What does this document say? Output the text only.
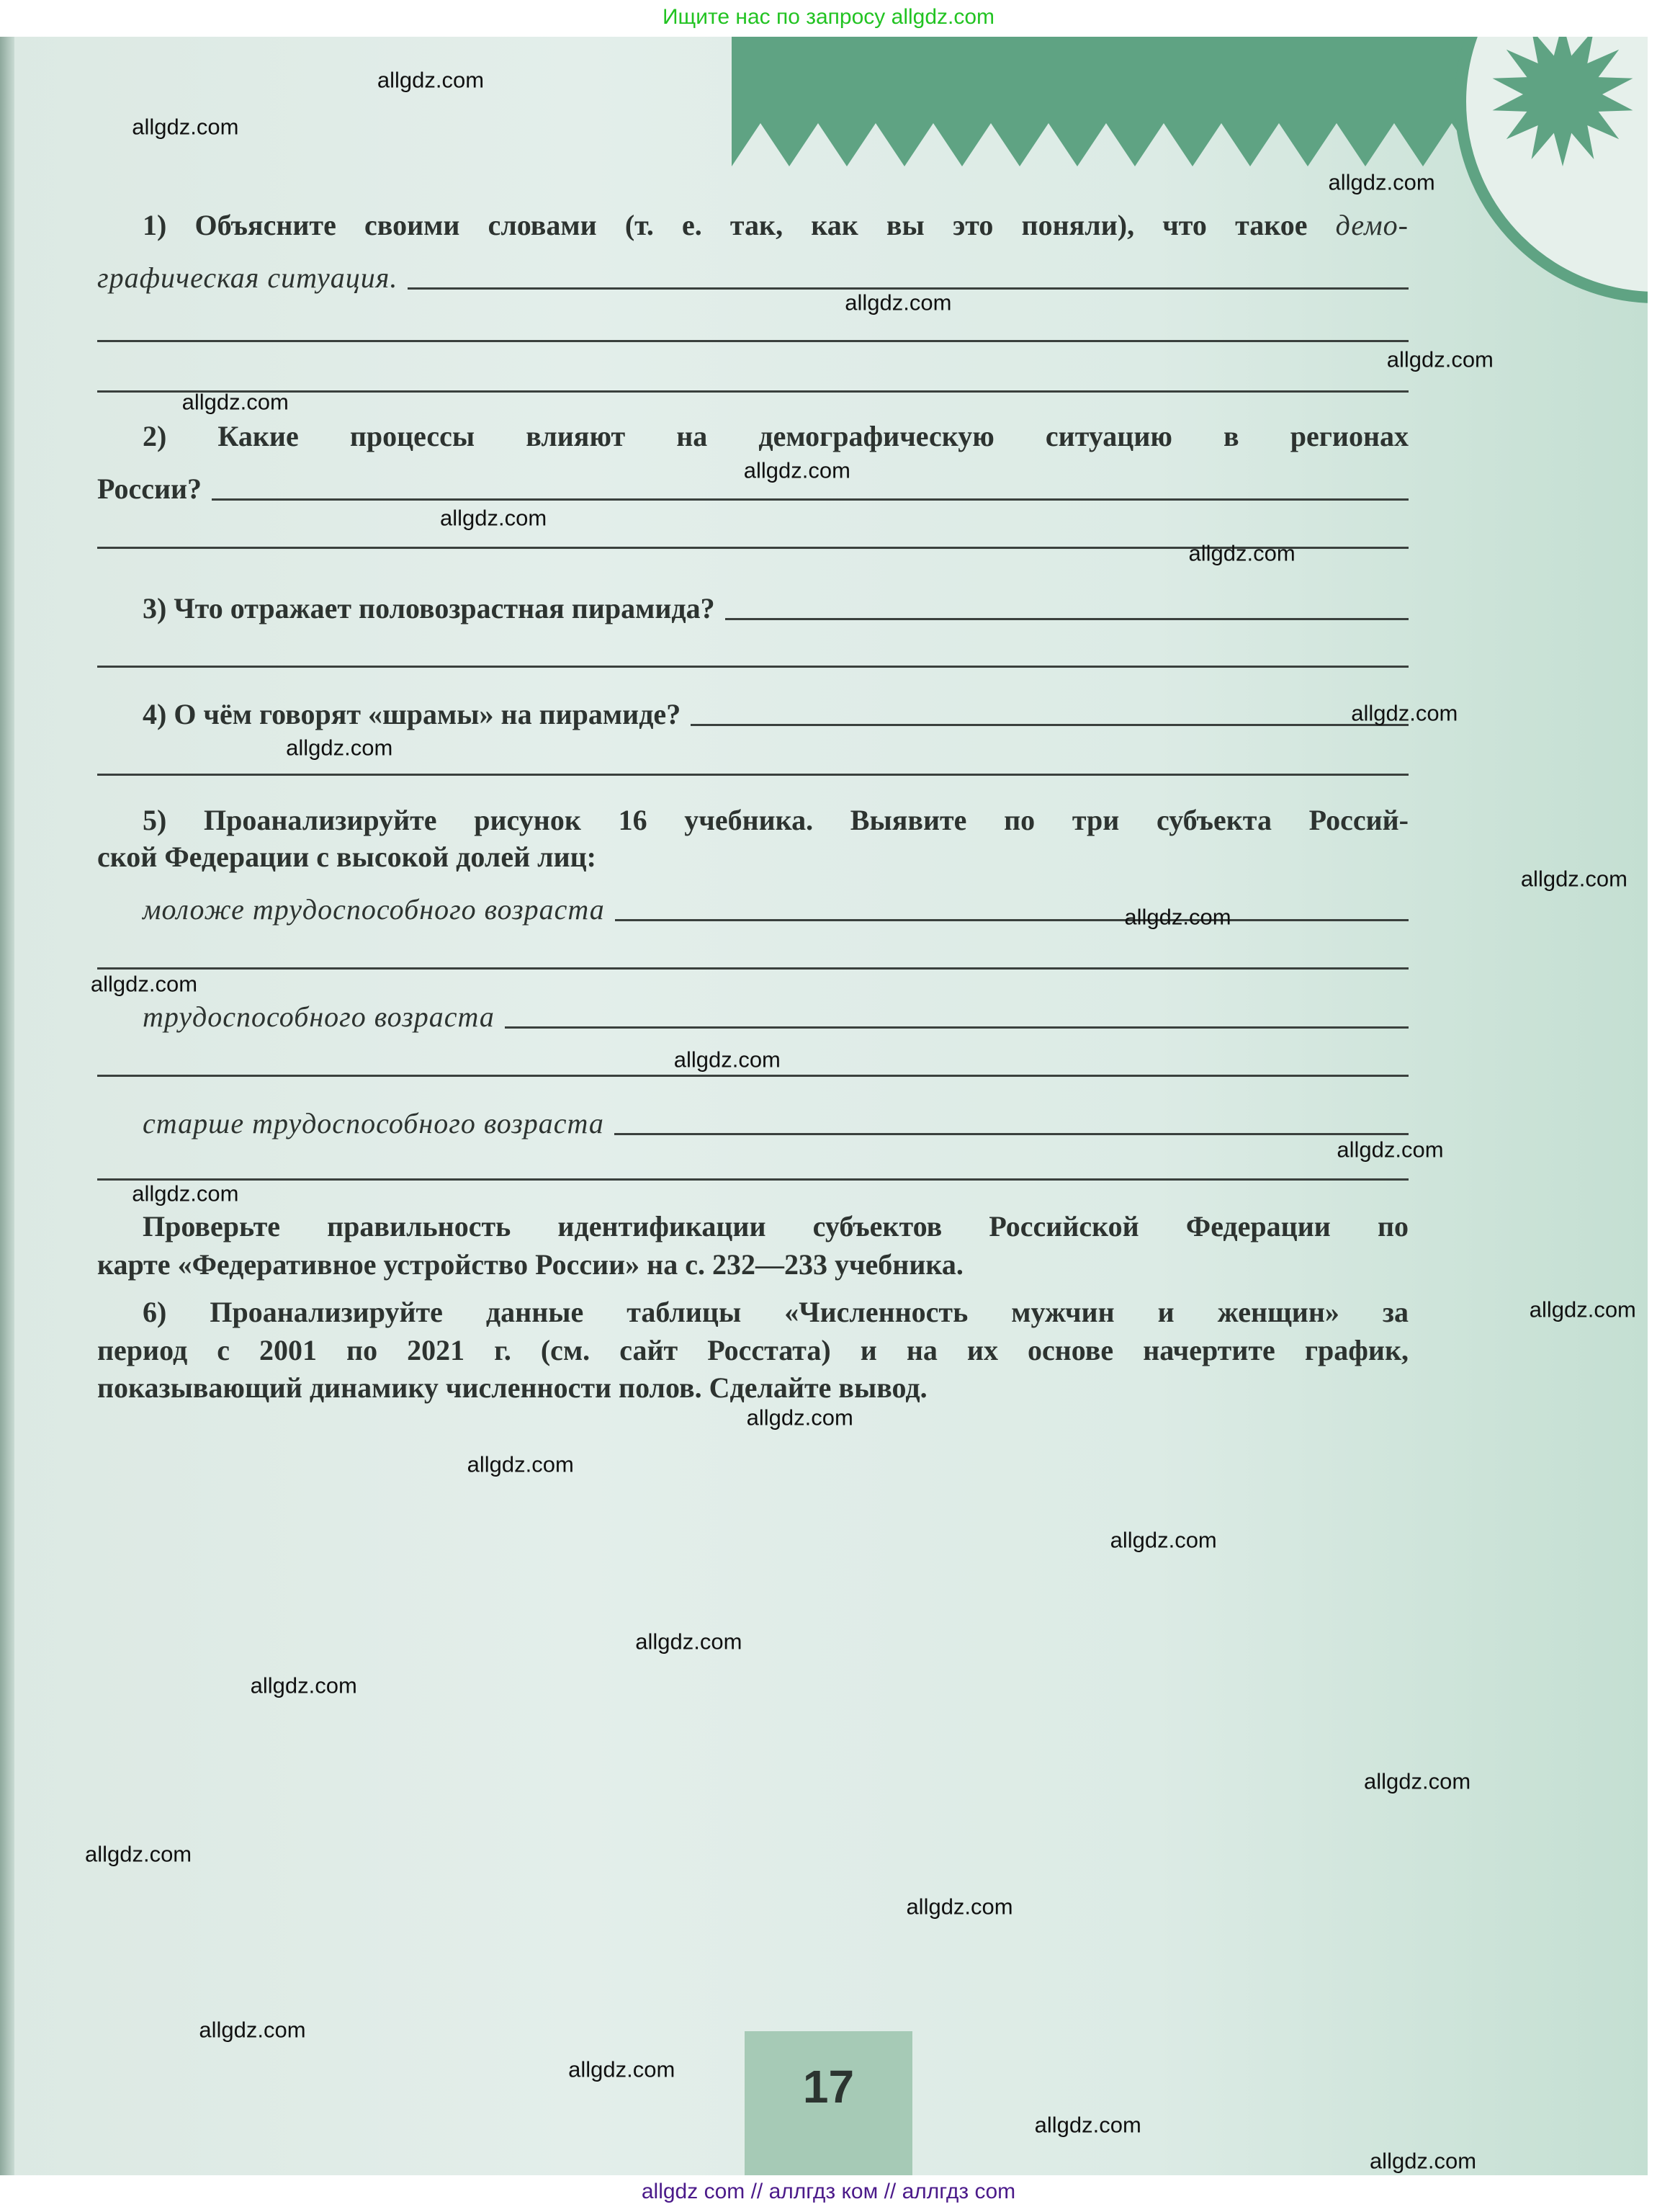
Ищите нас по запросу allgdz.com
1) Объясните своими словами (т. е. так, как вы это поняли), что такое демо-
графическая ситуация.
2) Какие процессы влияют на демографическую ситуацию в регионах
России?
3) Что отражает половозрастная пирамида?
4) О чём говорят «шрамы» на пирамиде?
5) Проанализируйте рисунок 16 учебника. Выявите по три субъекта Россий-
ской Федерации с высокой долей лиц:
моложе трудоспособного возраста
трудоспособного возраста
старше трудоспособного возраста
Проверьте правильность идентификации субъектов Российской Федерации по
карте «Федеративное устройство России» на с. 232—233 учебника.
6) Проанализируйте данные таблицы «Численность мужчин и женщин» за
период с 2001 по 2021 г. (см. сайт Росстата) и на их основе начертите график,
показывающий динамику численности полов. Сделайте вывод.
17
allgdz com // аллгдз ком // аллгдз com
allgdz.com
allgdz.com
allgdz.com
allgdz.com
allgdz.com
allgdz.com
allgdz.com
allgdz.com
allgdz.com
allgdz.com
allgdz.com
allgdz.com
allgdz.com
allgdz.com
allgdz.com
allgdz.com
allgdz.com
allgdz.com
allgdz.com
allgdz.com
allgdz.com
allgdz.com
allgdz.com
allgdz.com
allgdz.com
allgdz.com
allgdz.com
allgdz.com
allgdz.com
allgdz.com
